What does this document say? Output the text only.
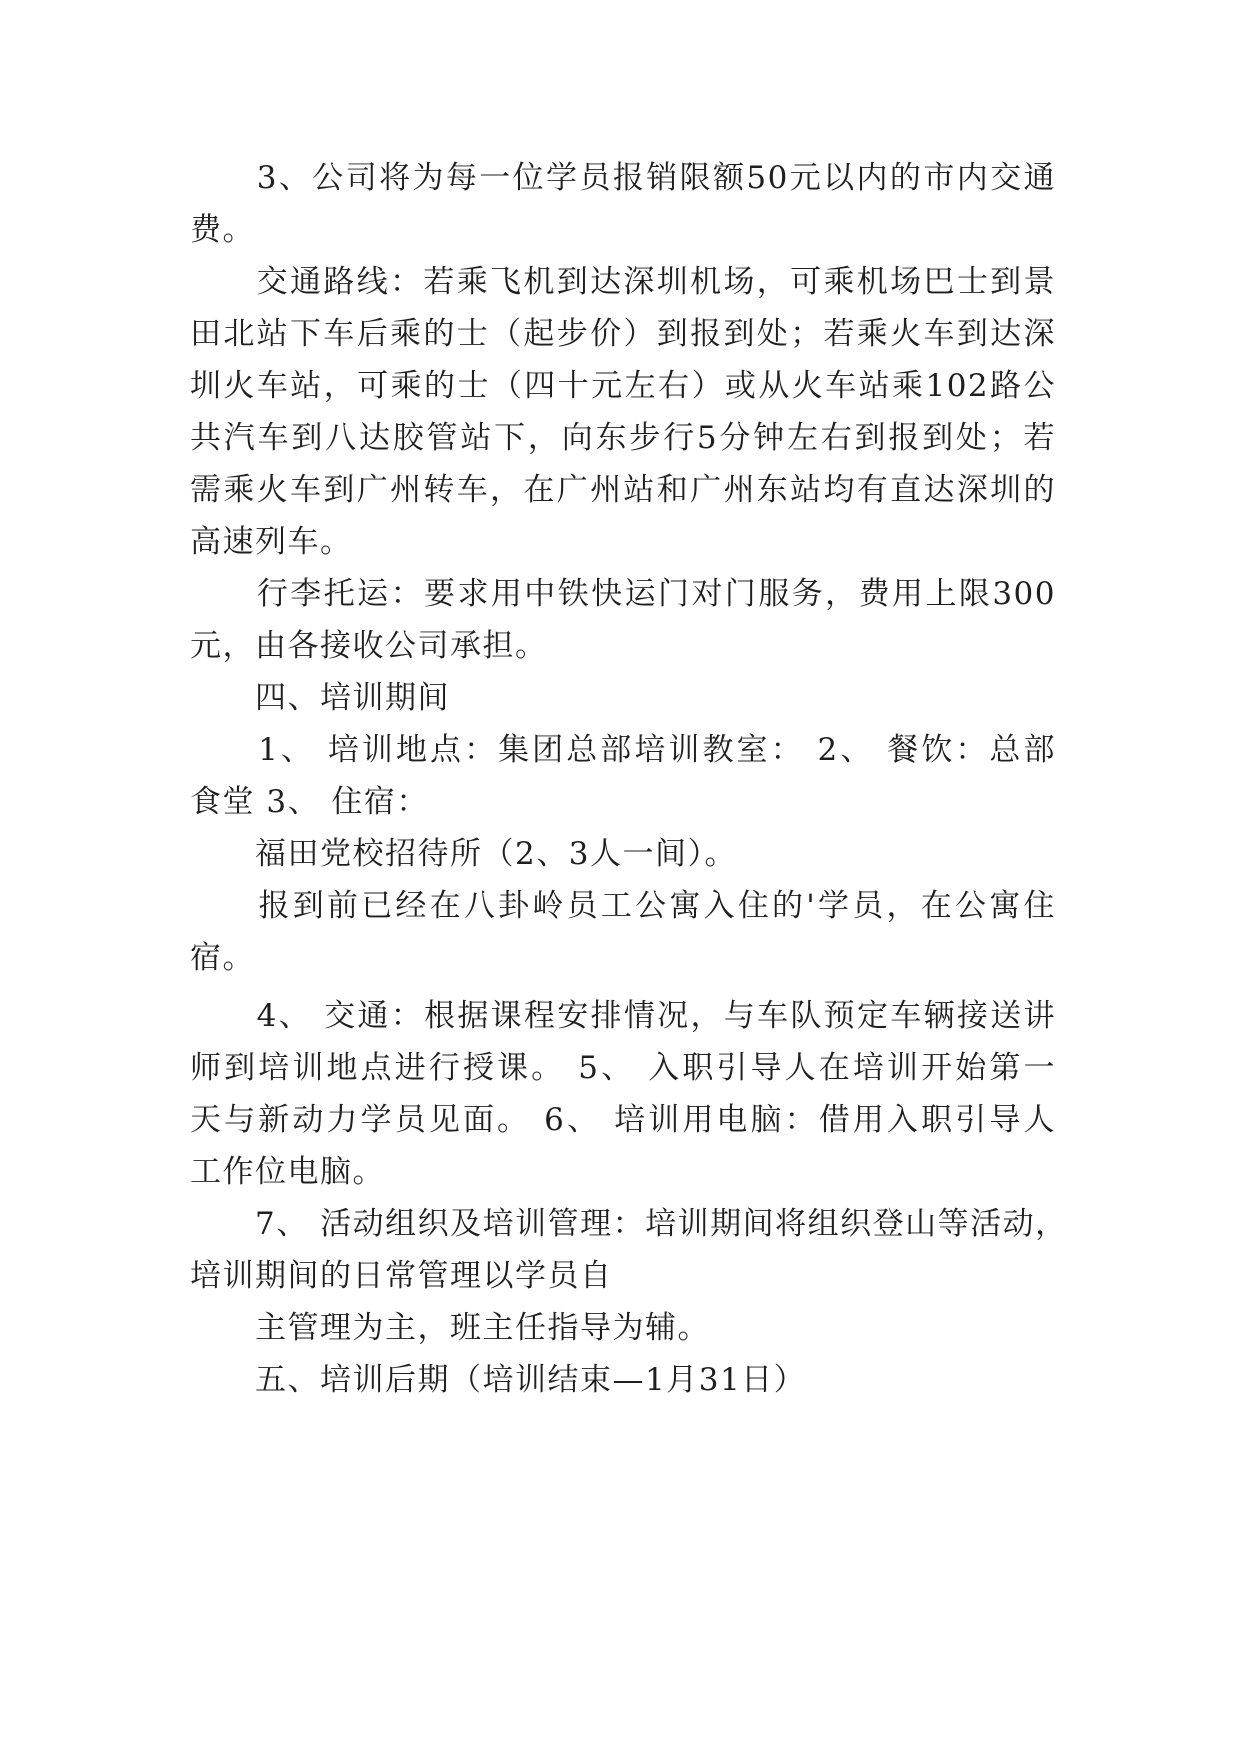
　　3、公司将为每一位学员报销限额50元以内的市内交通
费。
　　交通路线：若乘飞机到达深圳机场，可乘机场巴士到景
田北站下车后乘的士（起步价）到报到处；若乘火车到达深
圳火车站，可乘的士（四十元左右）或从火车站乘102路公
共汽车到八达胶管站下，向东步行5分钟左右到报到处；若
需乘火车到广州转车，在广州站和广州东站均有直达深圳的
高速列车。
　　行李托运：要求用中铁快运门对门服务，费用上限300
元，由各接收公司承担。
　　四、培训期间
　　1、 培训地点：集团总部培训教室： 2、 餐饮：总部
食堂 3、 住宿：
　　福田党校招待所（2、3人一间）。
　　报到前已经在八卦岭员工公寓入住的'学员，在公寓住
宿。
　　4、 交通：根据课程安排情况，与车队预定车辆接送讲
师到培训地点进行授课。 5、 入职引导人在培训开始第一
天与新动力学员见面。 6、 培训用电脑：借用入职引导人
工作位电脑。
　　7、 活动组织及培训管理：培训期间将组织登山等活动，
培训期间的日常管理以学员自
　　主管理为主，班主任指导为辅。
　　五、培训后期（培训结束—1月31日）
